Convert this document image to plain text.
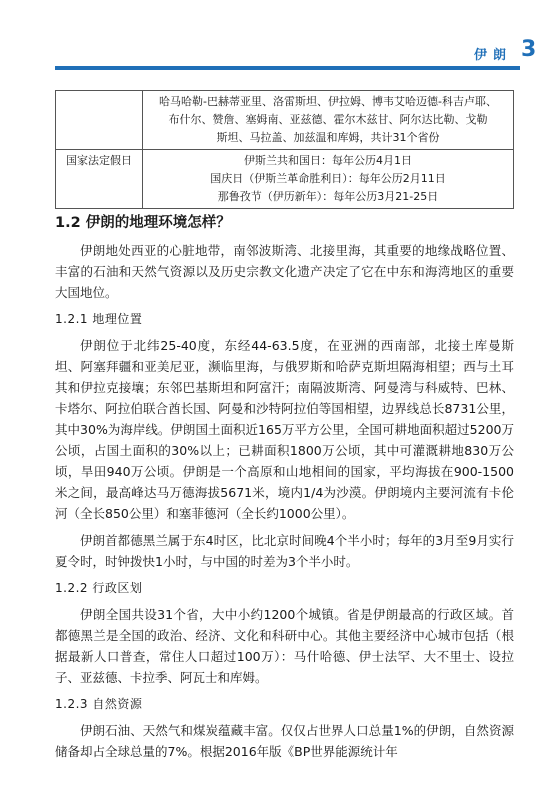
伊朗 3

	哈马哈勒-巴赫蒂亚里、洛雷斯坦、伊拉姆、博韦艾哈迈德-科吉卢耶、
布什尔、赞詹、塞姆南、亚兹德、霍尔木兹甘、阿尔达比勒、戈勒
斯坦、马拉盖、加兹温和库姆，共计31个省份

国家法定假日	伊斯兰共和国日：每年公历4月1日
国庆日（伊斯兰革命胜利日）：每年公历2月11日
那鲁孜节（伊历新年）：每年公历3月21-25日
1.2 伊朗的地理环境怎样？

伊朗地处西亚的心脏地带，南邻波斯湾、北接里海，其重要的地缘战略位置、丰富的石油和天然气资源以及历史宗教文化遗产决定了它在中东和海湾地区的重要大国地位。

1.2.1 地理位置

伊朗位于北纬25-40度，东经44-63.5度，在亚洲的西南部，北接土库曼斯坦、阿塞拜疆和亚美尼亚，濒临里海，与俄罗斯和哈萨克斯坦隔海相望；西与土耳其和伊拉克接壤；东邻巴基斯坦和阿富汗；南隔波斯湾、阿曼湾与科威特、巴林、卡塔尔、阿拉伯联合酋长国、阿曼和沙特阿拉伯等国相望，边界线总长8731公里，其中30%为海岸线。伊朗国土面积近165万平方公里，全国可耕地面积超过5200万公顷，占国土面积的30%以上；已耕面积1800万公顷，其中可灌溉耕地830万公顷，旱田940万公顷。伊朗是一个高原和山地相间的国家，平均海拔在900-1500米之间，最高峰达马万德海拔5671米，境内1/4为沙漠。伊朗境内主要河流有卡伦河（全长850公里）和塞菲德河（全长约1000公里）。

伊朗首都德黑兰属于东4时区，比北京时间晚4个半小时；每年的3月至9月实行夏令时，时钟拨快1小时，与中国的时差为3个半小时。

1.2.2 行政区划

伊朗全国共设31个省，大中小约1200个城镇。省是伊朗最高的行政区域。首都德黑兰是全国的政治、经济、文化和科研中心。其他主要经济中心城市包括（根据最新人口普查，常住人口超过100万）：马什哈德、伊士法罕、大不里士、设拉子、亚兹德、卡拉季、阿瓦士和库姆。

1.2.3 自然资源

伊朗石油、天然气和煤炭蕴藏丰富。仅仅占世界人口总量1%的伊朗，自然资源储备却占全球总量的7%。根据2016年版《BP世界能源统计年
